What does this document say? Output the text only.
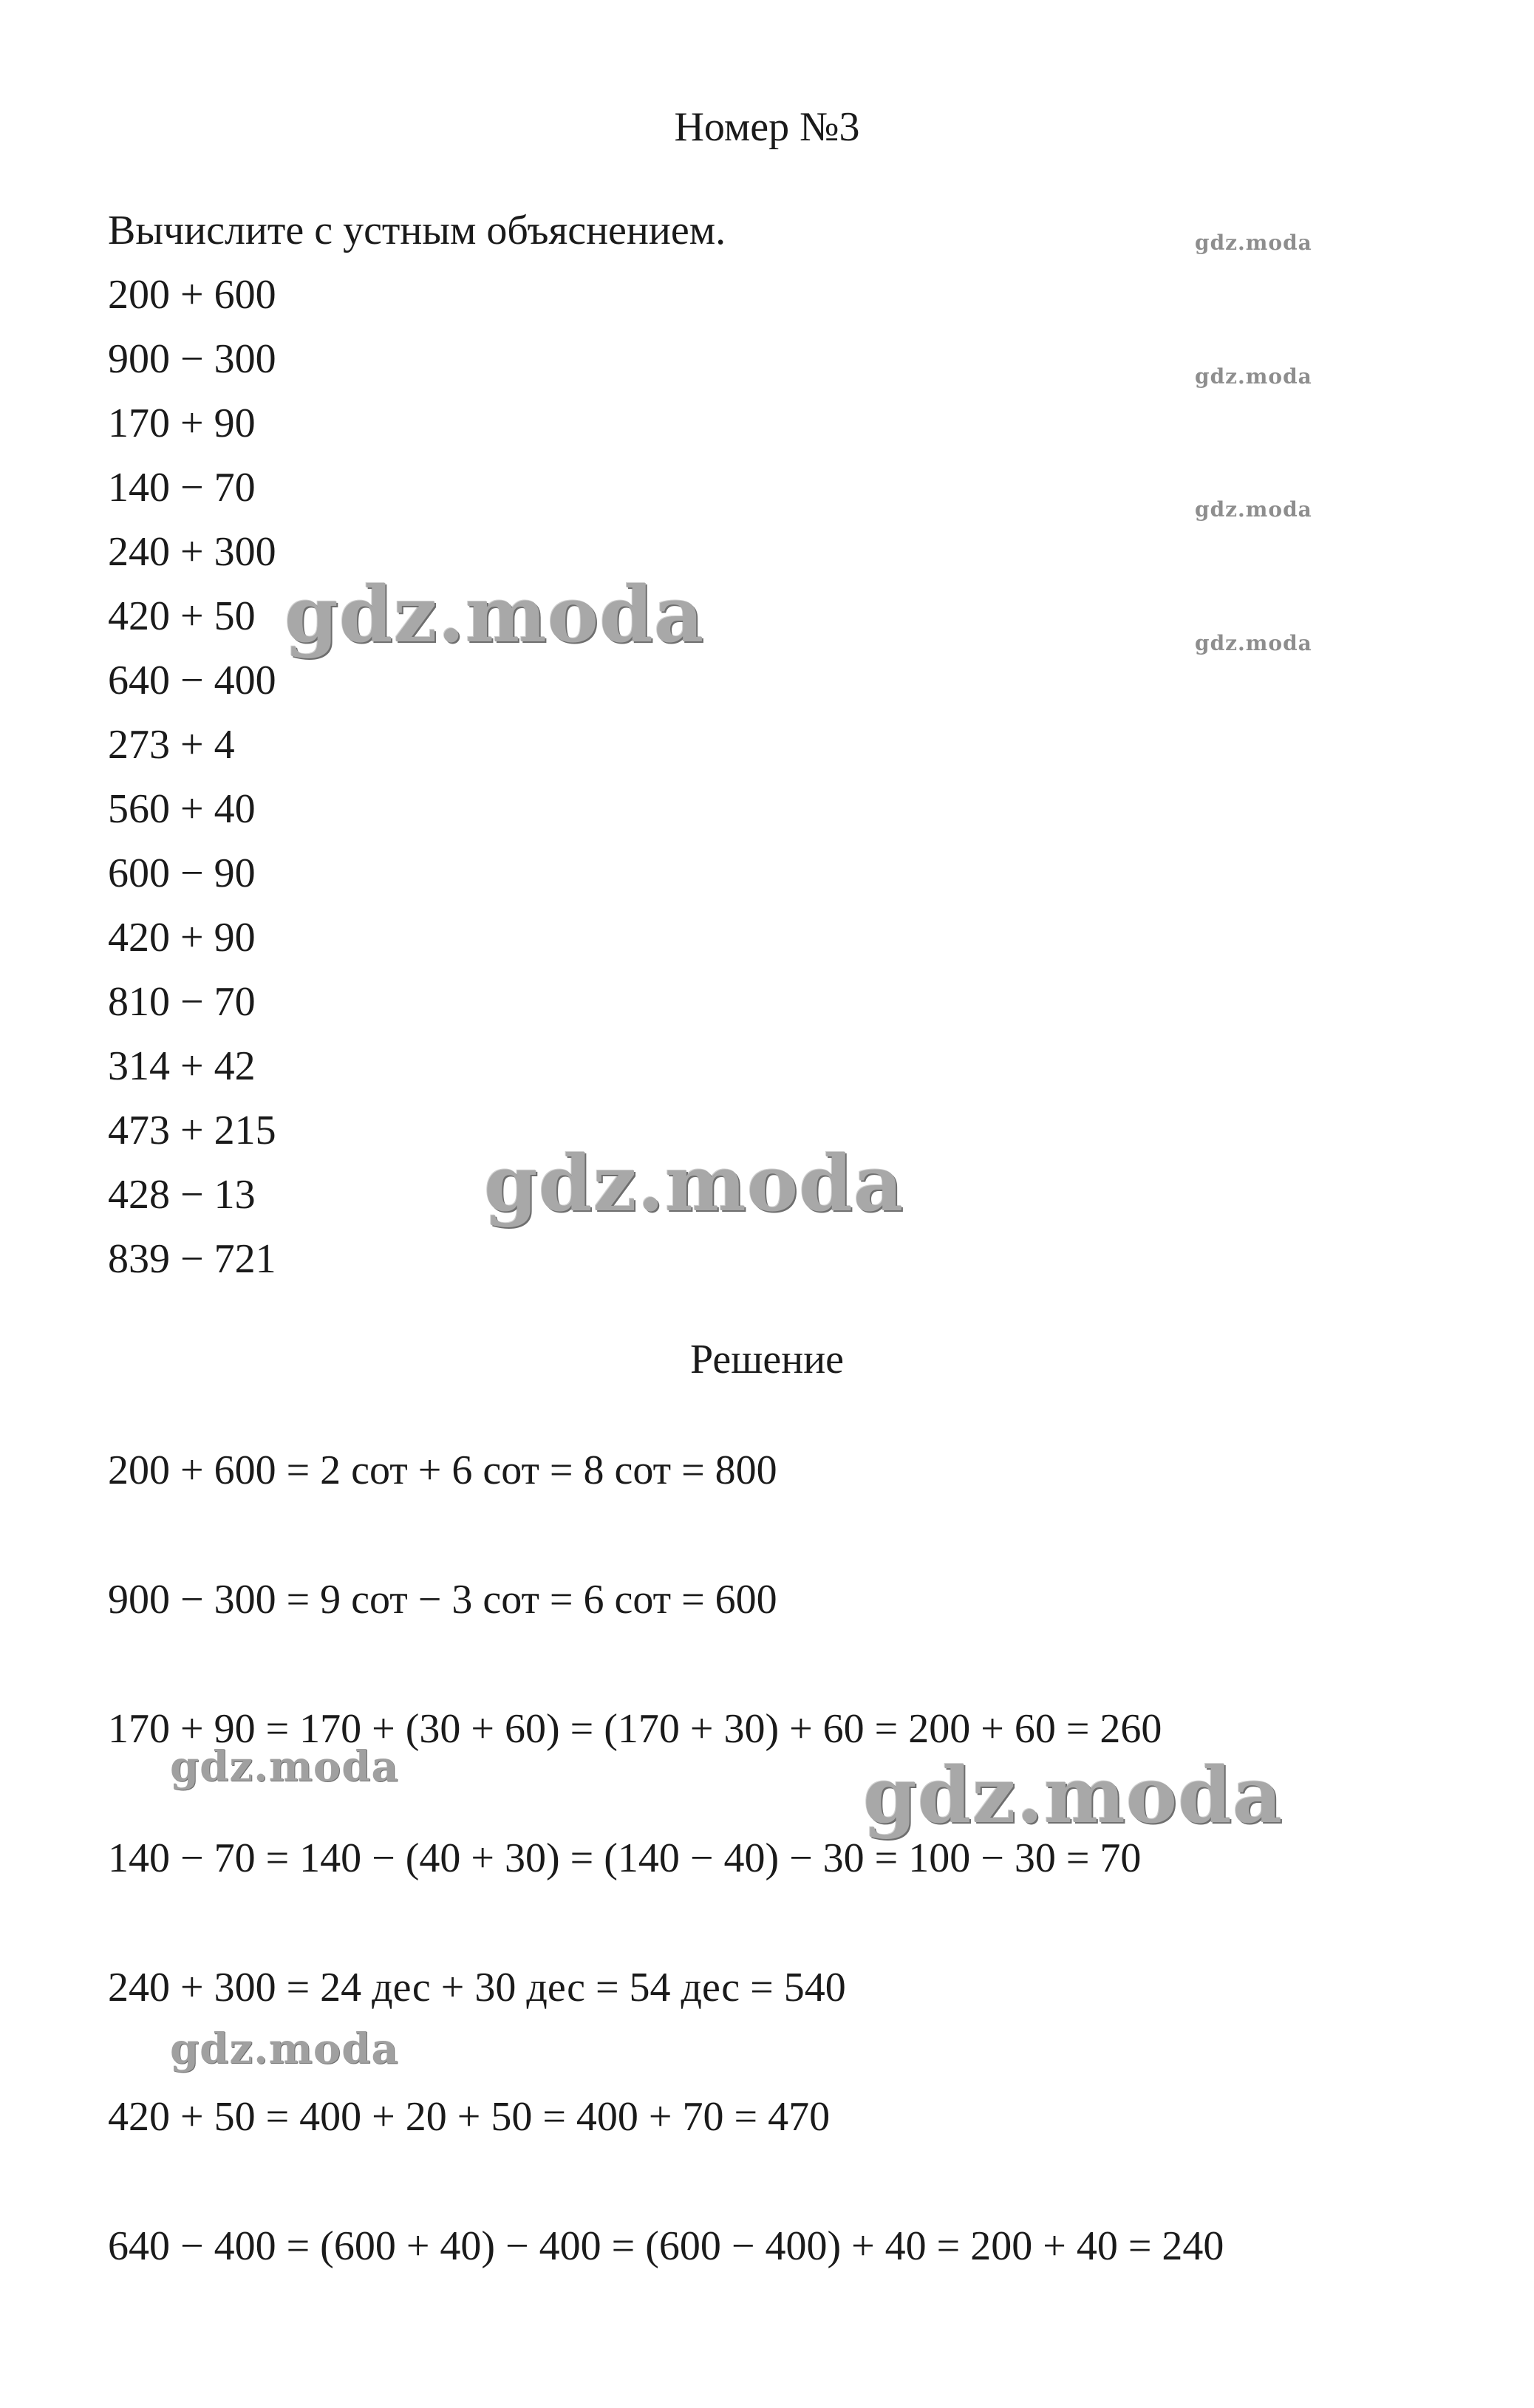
Номер №3
Вычислите с устным объяснением.
200 + 600
900 − 300
170 + 90
140 − 70
240 + 300
420 + 50
640 − 400
273 + 4
560 + 40
600 − 90
420 + 90
810 − 70
314 + 42
473 + 215
428 − 13
839 − 721
Решение
200 + 600 = 2 сот + 6 сот = 8 сот = 800
900 − 300 = 9 сот − 3 сот = 6 сот = 600
170 + 90 = 170 + (30 + 60) = (170 + 30) + 60 = 200 + 60 = 260
140 − 70 = 140 − (40 + 30) = (140 − 40) − 30 = 100 − 30 = 70
240 + 300 = 24 дес + 30 дес = 54 дес = 540
420 + 50 = 400 + 20 + 50 = 400 + 70 = 470
640 − 400 = (600 + 40) − 400 = (600 − 400) + 40 = 200 + 40 = 240
gdz.moda
gdz.moda
gdz.moda
gdz.moda
gdz.moda
gdz.moda
gdz.moda
gdz.moda
gdz.moda
